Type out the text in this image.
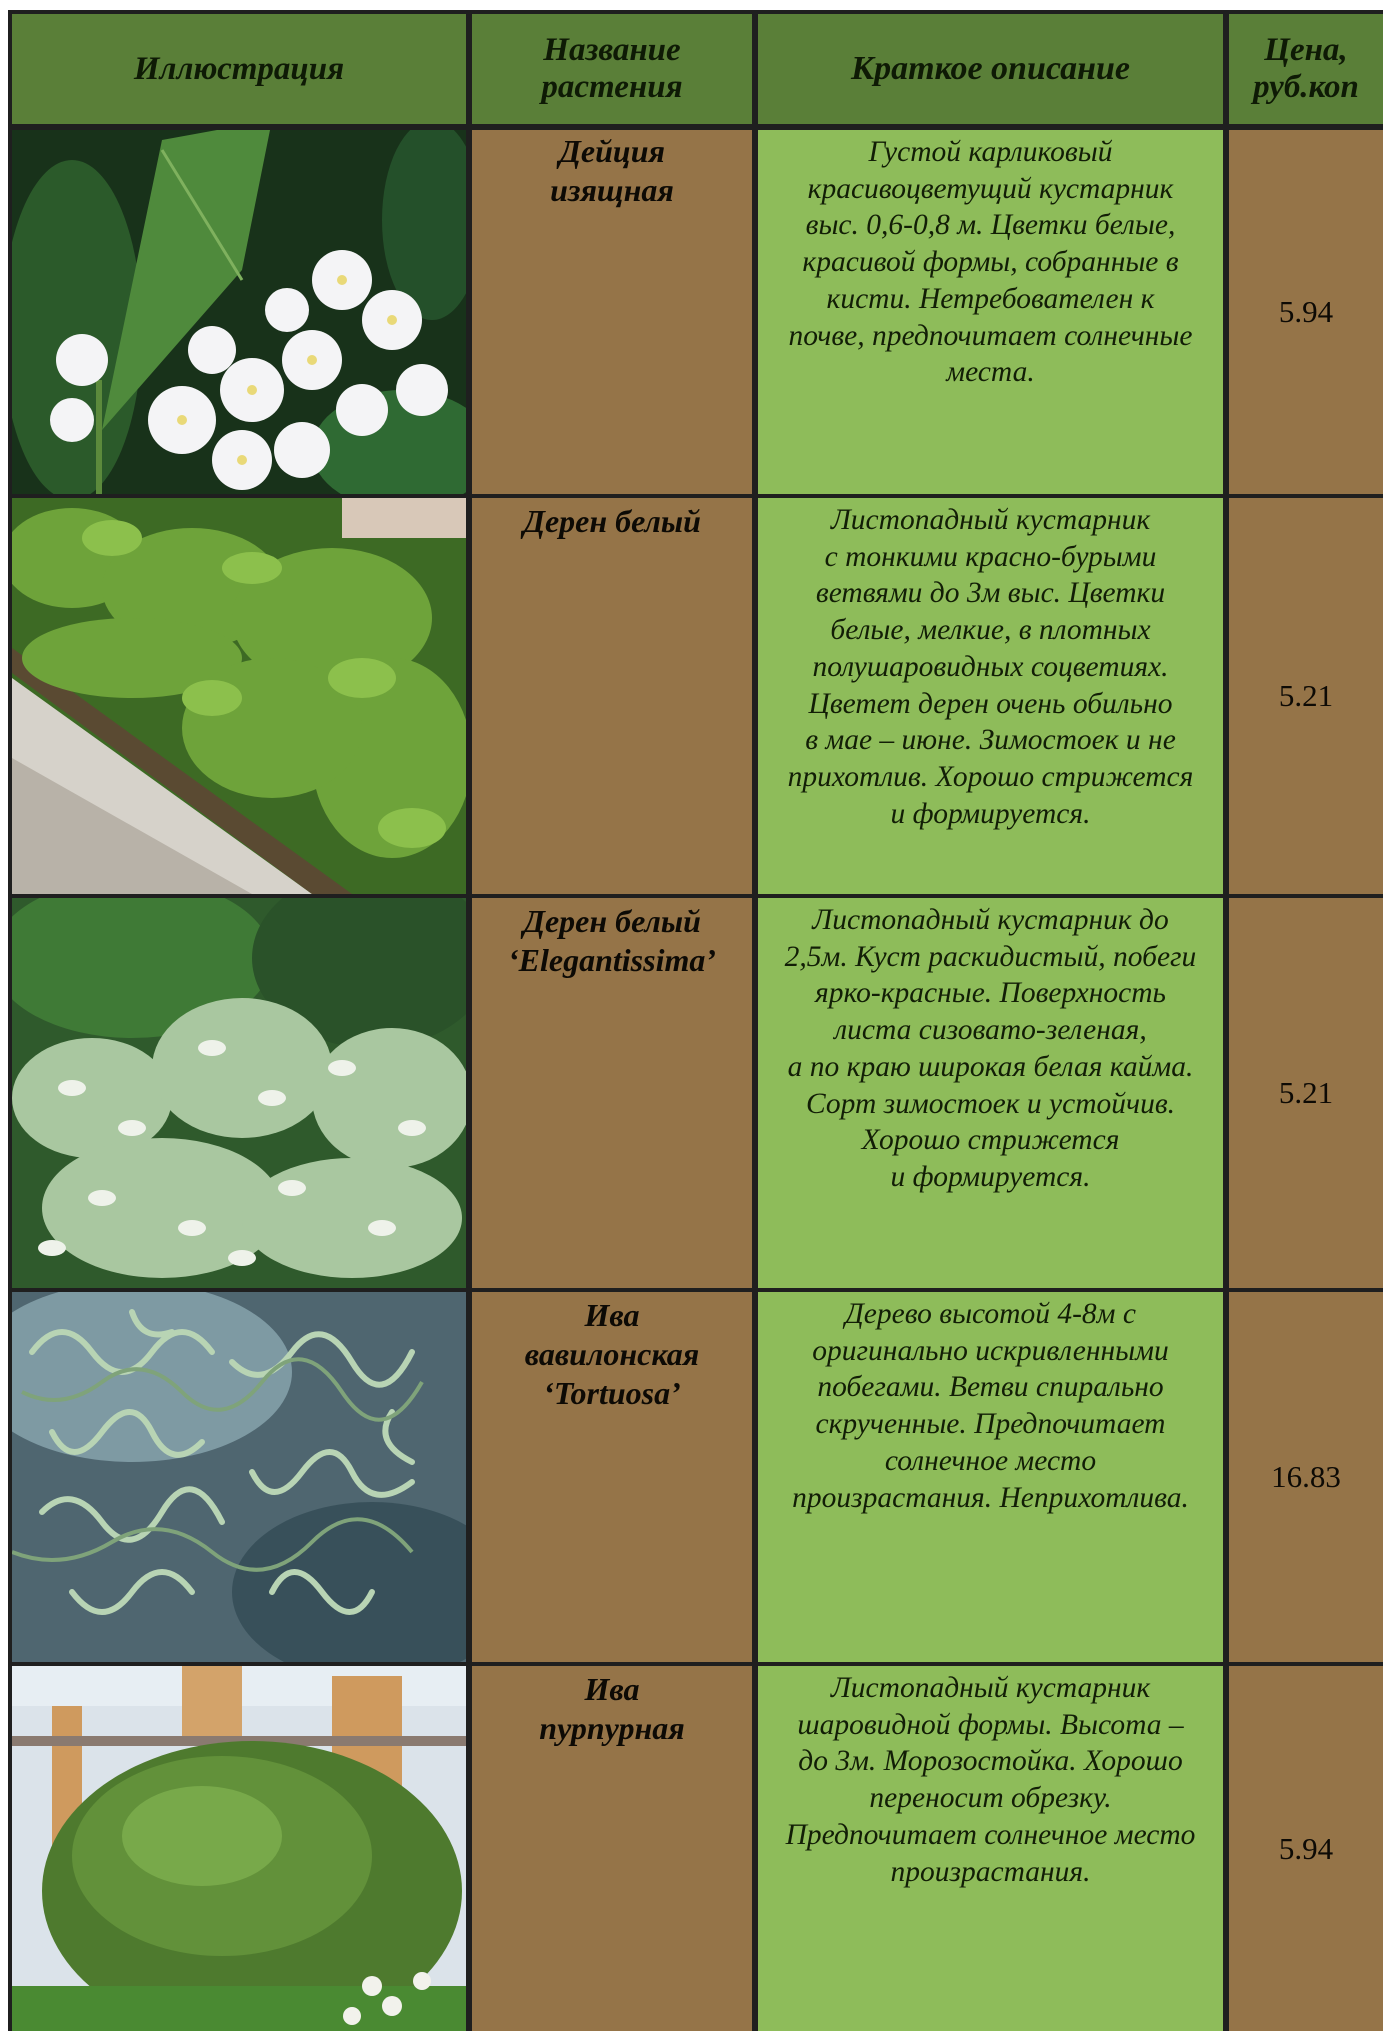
Иллюстрация
Название
растения
Краткое описание	Цена,
руб.коп
Дейция
изящная
Густой карликовый
красивоцветущий кустарник
выс. 0,6-0,8 м. Цветки белые,
красивой формы, собранные в
кисти. Нетребователен к
почве, предпочитает солнечные
места.
5.94
Дерен белый	Листопадный кустарник
с тонкими красно-бурыми
ветвями до 3м выс. Цветки
белые, мелкие, в плотных
полушаровидных соцветиях.
Цветет дерен очень обильно
в мае – июне. Зимостоек и не
прихотлив. Хорошо стрижется
и формируется.
5.21
Дерен белый
‘Elegantissima’
Листопадный кустарник до
2,5м. Куст раскидистый, побеги
ярко-красные. Поверхность
листа сизовато-зеленая,
а по краю широкая белая кайма.
Сорт зимостоек и устойчив.
Хорошо стрижется
и формируется.
5.21
Ива
вавилонская
‘Tortuosa’
Дерево высотой 4-8м с
оригинально искривленными
побегами. Ветви спирально
скрученные. Предпочитает
солнечное место
произрастания. Неприхотлива.
16.83
Ива
пурпурная
Листопадный кустарник
шаровидной формы. Высота –
до 3м. Морозостойка. Хорошо
переносит обрезку.
Предпочитает солнечное место
произрастания.
5.94
